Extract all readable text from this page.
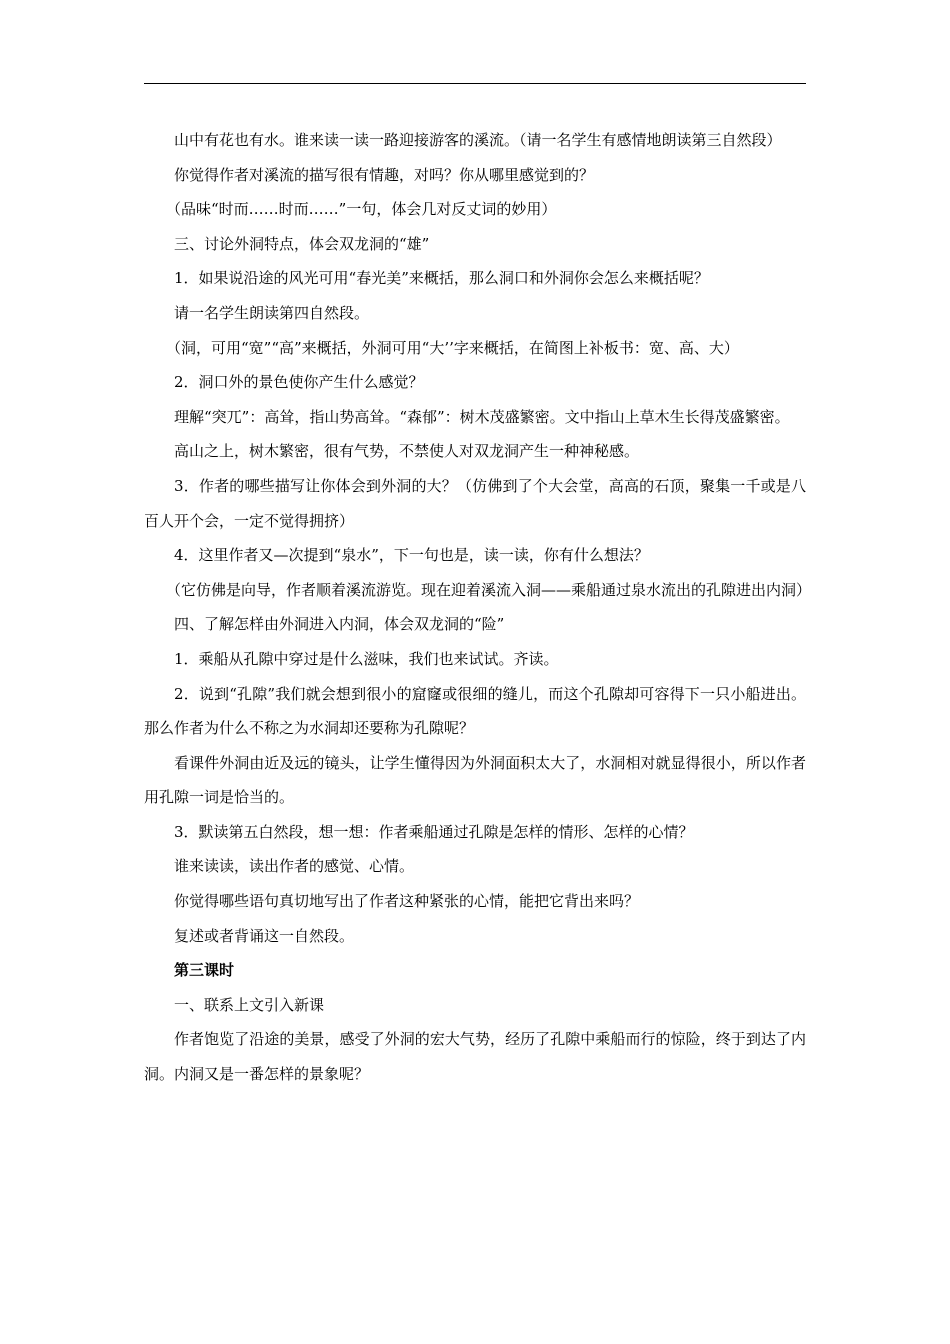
山中有花也有水。谁来读一读一路迎接游客的溪流。（请一名学生有感情地朗读第三自然段）

你觉得作者对溪流的描写很有情趣，对吗？你从哪里感觉到的？

（品味“时而……时而……”一句，体会几对反丈词的妙用）

三、讨论外洞特点，体会双龙洞的“雄”

1．如果说沿途的风光可用“春光美”来概括，那么洞口和外洞你会怎么来概括呢？

请一名学生朗读第四自然段。

（洞，可用“宽”“高”来概括，外洞可用“大’’字来概括，在简图上补板书：宽、高、大）

2．洞口外的景色使你产生什么感觉？

理解“突兀”：高耸，指山势高耸。“森郁”：树木茂盛繁密。文中指山上草木生长得茂盛繁密。

高山之上，树木繁密，很有气势，不禁使人对双龙洞产生一种神秘感。

3．作者的哪些描写让你体会到外洞的大？（仿佛到了个大会堂，高高的石顶，聚集一千或是八百人开个会，一定不觉得拥挤）

4．这里作者又—次提到“泉水”，下一句也是，读一读，你有什么想法？

（它仿佛是向导，作者顺着溪流游览。现在迎着溪流入洞——乘船通过泉水流出的孔隙进出内洞）

四、了解怎样由外洞进入内洞，体会双龙洞的“险”

1．乘船从孔隙中穿过是什么滋味，我们也来试试。齐读。

2．说到“孔隙”我们就会想到很小的窟窿或很细的缝儿，而这个孔隙却可容得下一只小船进出。那么作者为什么不称之为水洞却还要称为孔隙呢？

看课件外洞由近及远的镜头，让学生懂得因为外洞面积太大了，水洞相对就显得很小，所以作者用孔隙一词是恰当的。

3．默读第五白然段，想一想：作者乘船通过孔隙是怎样的情形、怎样的心情？

谁来读读，读出作者的感觉、心情。

你觉得哪些语句真切地写出了作者这种紧张的心情，能把它背出来吗？

复述或者背诵这一自然段。

第三课时

一、联系上文引入新课

作者饱览了沿途的美景，感受了外洞的宏大气势，经历了孔隙中乘船而行的惊险，终于到达了内洞。内洞又是一番怎样的景象呢？
